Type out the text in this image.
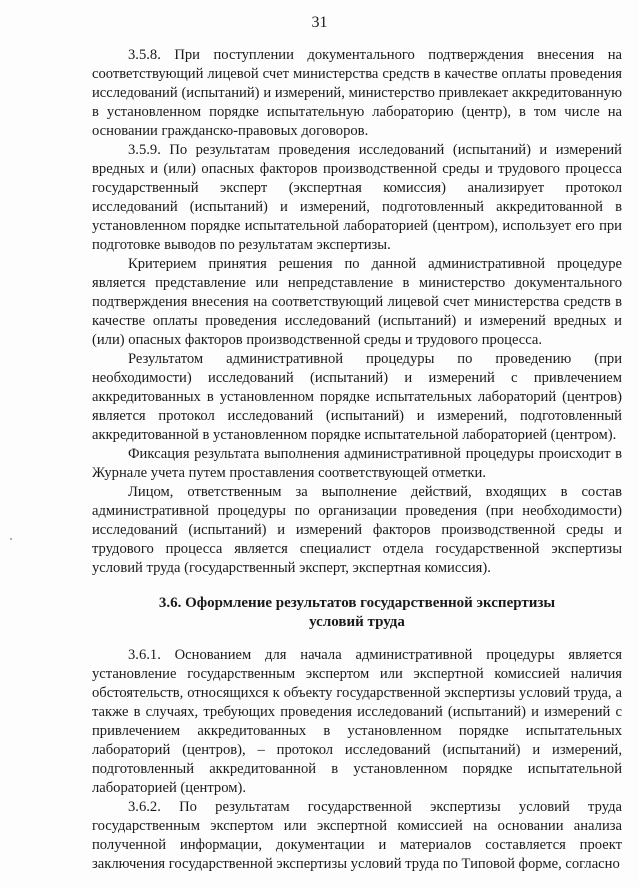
31

3.5.8. При поступлении документального подтверждения внесения на соответствующий лицевой счет министерства средств в качестве оплаты проведения исследований (испытаний) и измерений, министерство привлекает аккредитованную в установленном порядке испытательную лабораторию (центр), в том числе на основании гражданско-правовых договоров.

3.5.9. По результатам проведения исследований (испытаний) и измерений вредных и (или) опасных факторов производственной среды и трудового процесса государственный эксперт (экспертная комиссия) анализирует протокол исследований (испытаний) и измерений, подготовленный аккредитованной в установленном порядке испытательной лабораторией (центром), использует его при подготовке выводов по результатам экспертизы.

Критерием принятия решения по данной административной процедуре является представление или непредставление в министерство документального подтверждения внесения на соответствующий лицевой счет министерства средств в качестве оплаты проведения исследований (испытаний) и измерений вредных и (или) опасных факторов производственной среды и трудового процесса.

Результатом административной процедуры по проведению (при необходимости) исследований (испытаний) и измерений с привлечением аккредитованных в установленном порядке испытательных лабораторий (центров) является протокол исследований (испытаний) и измерений, подготовленный аккредитованной в установленном порядке испытательной лабораторией (центром).

Фиксация результата выполнения административной процедуры происходит в Журнале учета путем проставления соответствующей отметки.

Лицом, ответственным за выполнение действий, входящих в состав административной процедуры по организации проведения (при необходимости) исследований (испытаний) и измерений факторов производственной среды и трудового процесса является специалист отдела государственной экспертизы условий труда (государственный эксперт, экспертная комиссия).

3.6. Оформление результатов государственной экспертизы
условий труда

3.6.1. Основанием для начала административной процедуры является установление государственным экспертом или экспертной комиссией наличия обстоятельств, относящихся к объекту государственной экспертизы условий труда, а также в случаях, требующих проведения исследований (испытаний) и измерений с привлечением аккредитованных в установленном порядке испытательных лабораторий (центров), – протокол исследований (испытаний) и измерений, подготовленный аккредитованной в установленном порядке испытательной лабораторией (центром).

3.6.2. По результатам государственной экспертизы условий труда государственным экспертом или экспертной комиссией на основании анализа полученной информации, документации и материалов составляется проект заключения государственной экспертизы условий труда по Типовой форме, согласно
